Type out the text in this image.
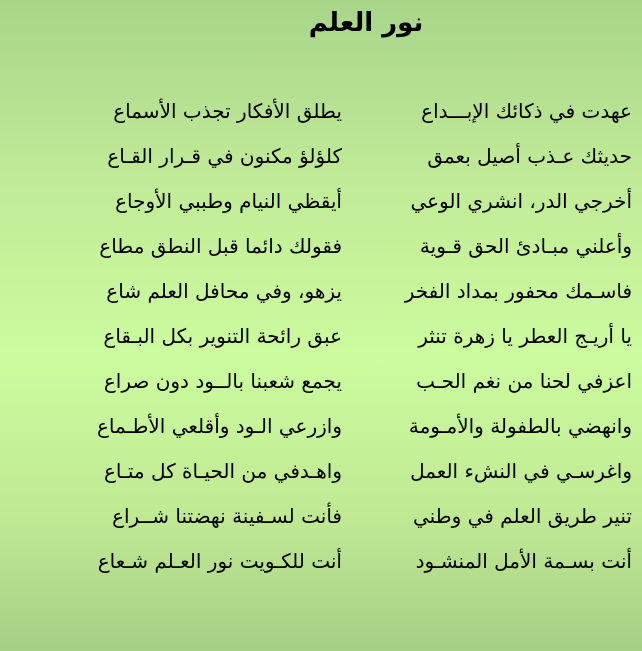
نور العلم
عهدت في ذكائك الإبـــداع
يطلق الأفكار تجذب الأسماع
حديثك عـذب أصيل بعمق
كلؤلؤ مكنون في قـرار القـاع
أخرجي الدر، انشري الوعي
أيقظي النيام وطببي الأوجاع
وأعلني مبـادئ الحق قـوية
فقولك دائما قبل النطق مطاع
فاسـمك محفور بمداد الفخر
يزهو، وفي محافل العلم شاع
يا أريـج العطر يا زهرة تنثر
عبق رائحة التنوير بكل البـقاع
اعزفي لحنا من نغم الحـب
يجمع شعبنا بالــود دون صراع
وانهضي بالطفولة والأمـومة
وازرعي الـود وأقلعي الأطـماع
واغرسـي في النشء العمل
واهـدفي من الحيـاة كل متـاع
تنير طريق العلم في وطني
فأنت لسـفينة نهضتنا شــراع
أنت بسـمة الأمل المنشـود
أنت للكـويت نور العـلم شـعاع
